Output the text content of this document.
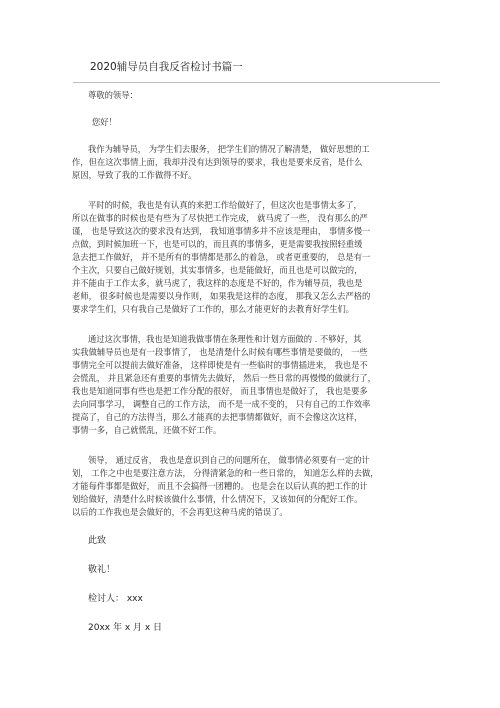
2020辅导员自我反省检讨书篇一
尊敬的领导：
您好！
我作为辅导员， 为学生们去服务， 把学生们的情况了解清楚， 做好思想的工
作，但在这次事情上面，我却并没有达到领导的要求，我也是要来反省，是什么
原因，导致了我的工作做得不好。
平时的时候，我也是有认真的来把工作给做好了，但这次也是事情太多了，
所以在做事的时候也是有些为了尽快把工作完成， 就马虎了一些， 没有那么的严
谨， 也是导致这次的要求没有达到， 我知道事情多并不应该是理由， 事情多慢一
点做，到时候加班一下，也是可以的，而且真的事情多，更是需要我按照轻重缓
急去把工作做好， 并不是所有的事情都是那么的着急， 或者更重要的， 总是有一
个主次，只要自己做好规划，其实事情多，也是能做好，而且也是可以做完的，
并不能由于工作太多，就马虎了，我这样的态度是不好的，作为辅导员，我也是
老师， 很多时候也是需要以身作则， 如果我是这样的态度， 那我又怎么去严格的
要求学生们，只有我自己是做好了工作的，那么才能更好的去教育好学生们。
通过这次事情，我也是知道我做事情在条理性和计划方面做的 . 不够好，其
实我做辅导员也是有一段事情了， 也是清楚什么时候有哪些事情是要做的， 一些
事情完全可以提前去做好准备， 这样即使是有一些临时的事情插进来， 我也是不
会慌乱， 并且紧急还有重要的事情先去做好， 然后一些日常的再慢慢的做就行了，
我也是知道同事有些也是把工作分配的很好， 而且事情也是做好了， 我也是要多
去向同事学习， 调整自己的工作方法， 而不是一成不变的， 只有自己的工作效率
提高了，自己的方法得当，那么才能真的去把事情都做好，而不会像这次这样，
事情一多，自己就慌乱，还做不好工作。
领导， 通过反省， 我也是意识到自己的问题所在， 做事情必须要有一定的计
划， 工作之中也是要注意方法， 分得清紧急的和一些日常的， 知道怎么样的去做，
才能每件事都是做好， 而且不会搞得一团糟的。 也是会在以后认真的把工作的计
划给做好，清楚什么时候该做什么事情，什么情况下，又该如何的分配好工作。
以后的工作我也是会做好的，不会再犯这种马虎的错误了。
此致
敬礼！
检讨人： xxx
20xx 年 x 月 x 日
